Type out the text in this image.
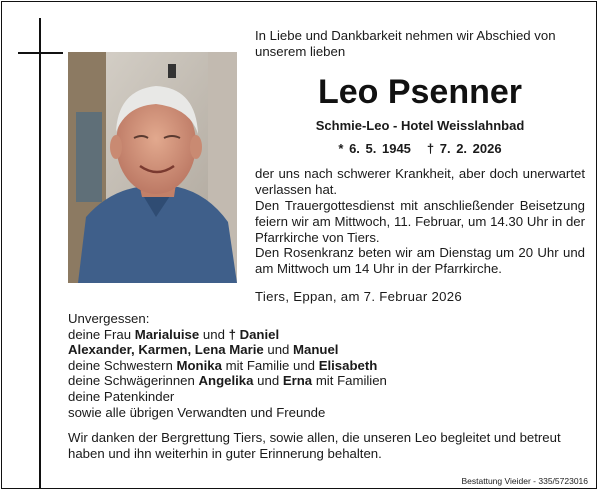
In Liebe und Dankbarkeit nehmen wir Abschied von unserem lieben
Leo Psenner
Schmie-Leo - Hotel Weisslahnbad
* 6. 5. 1945 † 7. 2. 2026
der uns nach schwerer Krankheit, aber doch unerwartet verlassen hat.
Den Trauergottesdienst mit anschließender Beisetzung feiern wir am Mittwoch, 11. Februar, um 14.30 Uhr in der Pfarrkirche von Tiers.
Den Rosenkranz beten wir am Dienstag um 20 Uhr und am Mittwoch um 14 Uhr in der Pfarrkirche.
Tiers, Eppan, am 7. Februar 2026
Unvergessen:
deine Frau Marialuise und † Daniel
Alexander, Karmen, Lena Marie und Manuel
deine Schwestern Monika mit Familie und Elisabeth
deine Schwägerinnen Angelika und Erna mit Familien
deine Patenkinder
sowie alle übrigen Verwandten und Freunde
Wir danken der Bergrettung Tiers, sowie allen, die unseren Leo begleitet und betreut haben und ihn weiterhin in guter Erinnerung behalten.
Bestattung Vieider - 335/5723016
